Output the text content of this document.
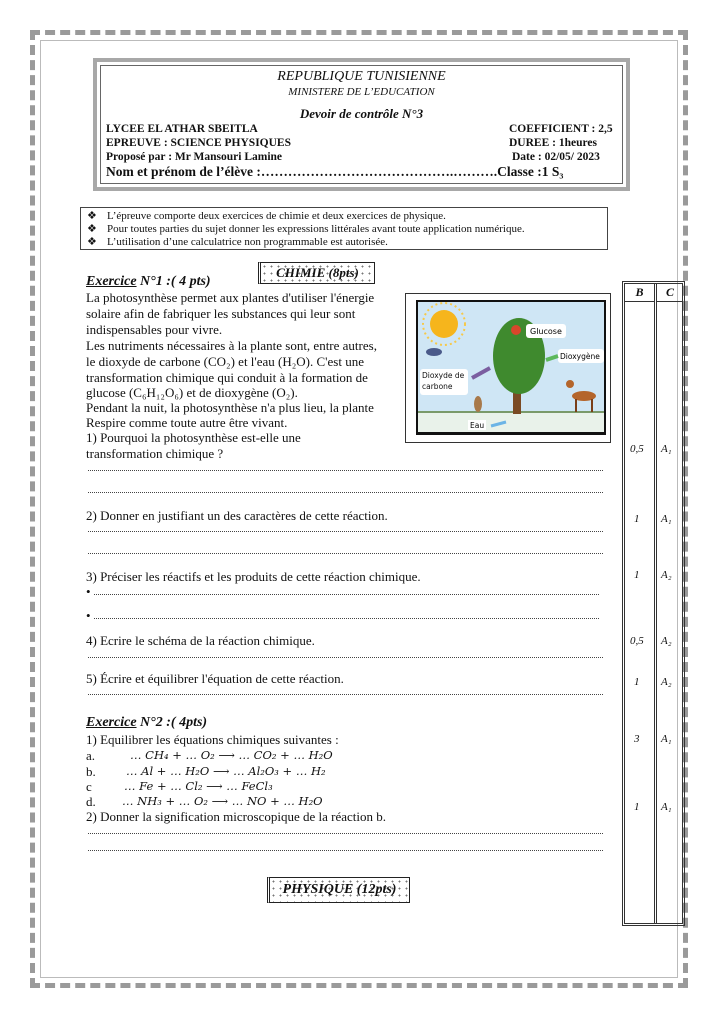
REPUBLIQUE TUNISIENNE
MINISTERE DE L’EDUCATION
Devoir de contrôle N°3
LYCEE EL ATHAR SBEITLA
EPREUVE : SCIENCE PHYSIQUES
Proposé par : Mr Mansouri Lamine
COEFFICIENT : 2,5
DUREE : 1heures
Date : 02/05/ 2023
Nom et prénom de l’élève :…………………………………….……….Classe :1 S₃
❖ L’épreuve comporte deux exercices de chimie et deux exercices de physique.
❖ Pour toutes parties du sujet donner les expressions littérales avant toute application numérique.
❖ L’utilisation d’une calculatrice non programmable est autorisée.
CHIMIE (8pts)
Exercice N°1 :( 4 pts)
La photosynthèse permet aux plantes d'utiliser l'énergie
solaire afin de fabriquer les substances qui leur sont
indispensables pour vivre.
Les nutriments nécessaires à la plante sont, entre autres,
le dioxyde de carbone (CO₂) et l'eau (H₂O). C'est une
transformation chimique qui conduit à la formation de
glucose (C₆H₁₂O₆) et de dioxygène (O₂).
Pendant la nuit, la photosynthèse n'a plus lieu, la plante
Respire comme toute autre être vivant.
1) Pourquoi la photosynthèse est-elle une
transformation chimique ?
Glucose
Dioxygène
Dioxyde de carbone
Eau
2) Donner en justifiant un des caractères de cette réaction.
3) Préciser les réactifs et les produits de cette réaction chimique.
•
•
4) Ecrire le schéma de la réaction chimique.
5) Écrire et équilibrer l'équation de cette réaction.
Exercice N°2 :( 4pts)
1) Equilibrer les équations chimiques suivantes :
a.	… CH₄ + … O₂ ⟶ … CO₂ + … H₂O
b.	… Al + … H₂O ⟶ … Al₂O₃ + … H₂
c	… Fe + … Cl₂ ⟶ … FeCl₃
d. … NH₃ + … O₂ ⟶ … NO + … H₂O
2) Donner la signification microscopique de la réaction b.
PHYSIQUE (12pts)
B	C
0,5 A₁
1 A₁
1 A₂
0,5 A₂
1 A₂
3 A₁
1 A₁
